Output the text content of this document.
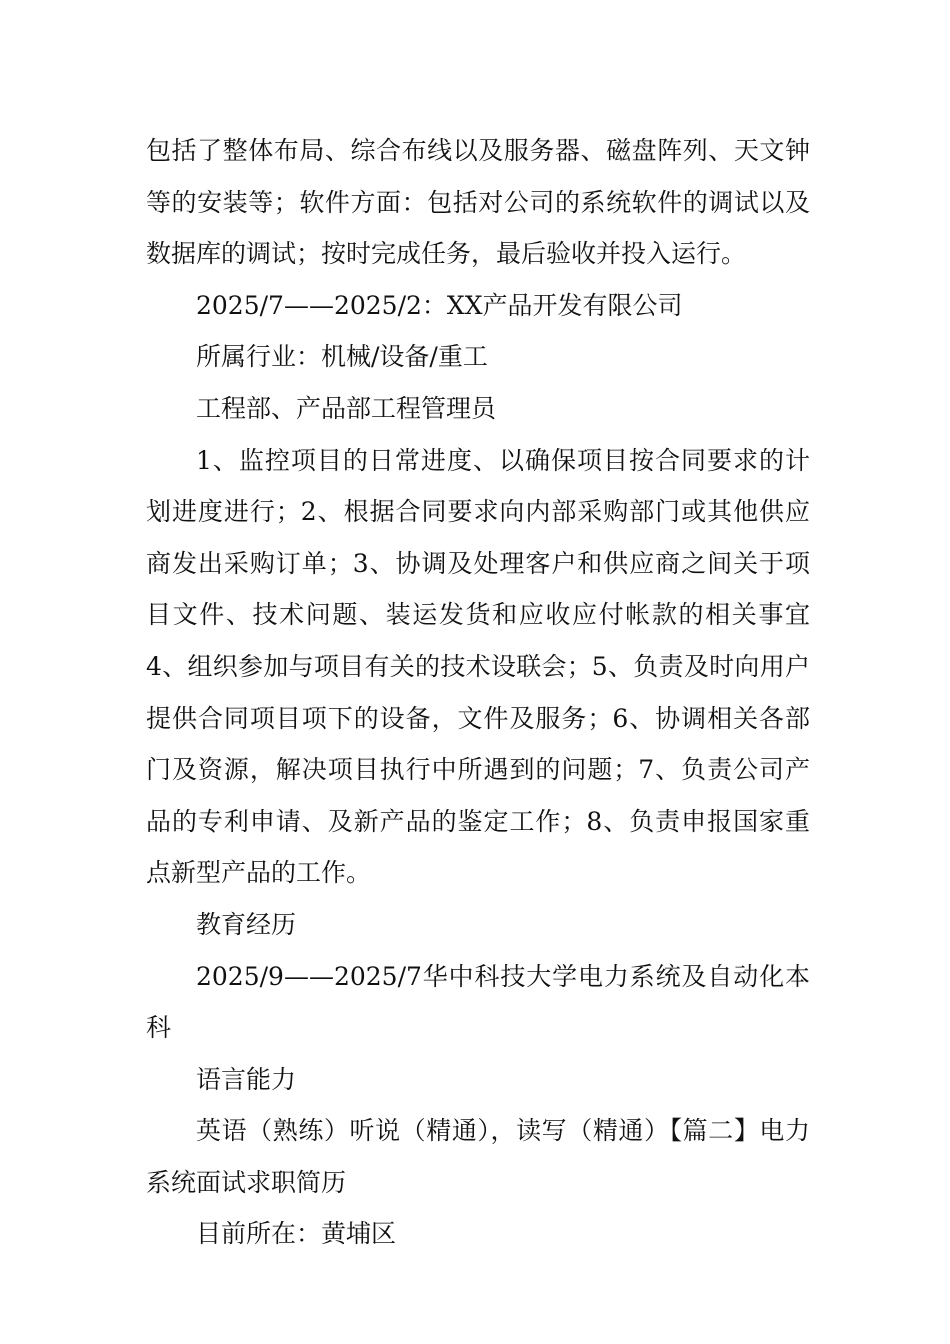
包括了整体布局、综合布线以及服务器、磁盘阵列、天文钟等的安装等；软件方面：包括对公司的系统软件的调试以及数据库的调试；按时完成任务，最后验收并投入运行。

2025/7——2025/2：XX产品开发有限公司

所属行业：机械/设备/重工

工程部、产品部工程管理员

1、监控项目的日常进度、以确保项目按合同要求的计划进度进行；2、根据合同要求向内部采购部门或其他供应商发出采购订单；3、协调及处理客户和供应商之间关于项目文件、技术问题、装运发货和应收应付帐款的相关事宜4、组织参加与项目有关的技术设联会；5、负责及时向用户提供合同项目项下的设备，文件及服务；6、协调相关各部门及资源，解决项目执行中所遇到的问题；7、负责公司产品的专利申请、及新产品的鉴定工作；8、负责申报国家重点新型产品的工作。

教育经历

2025/9——2025/7华中科技大学电力系统及自动化本科

语言能力

英语（熟练）听说（精通），读写（精通）【篇二】电力系统面试求职简历

目前所在：黄埔区
